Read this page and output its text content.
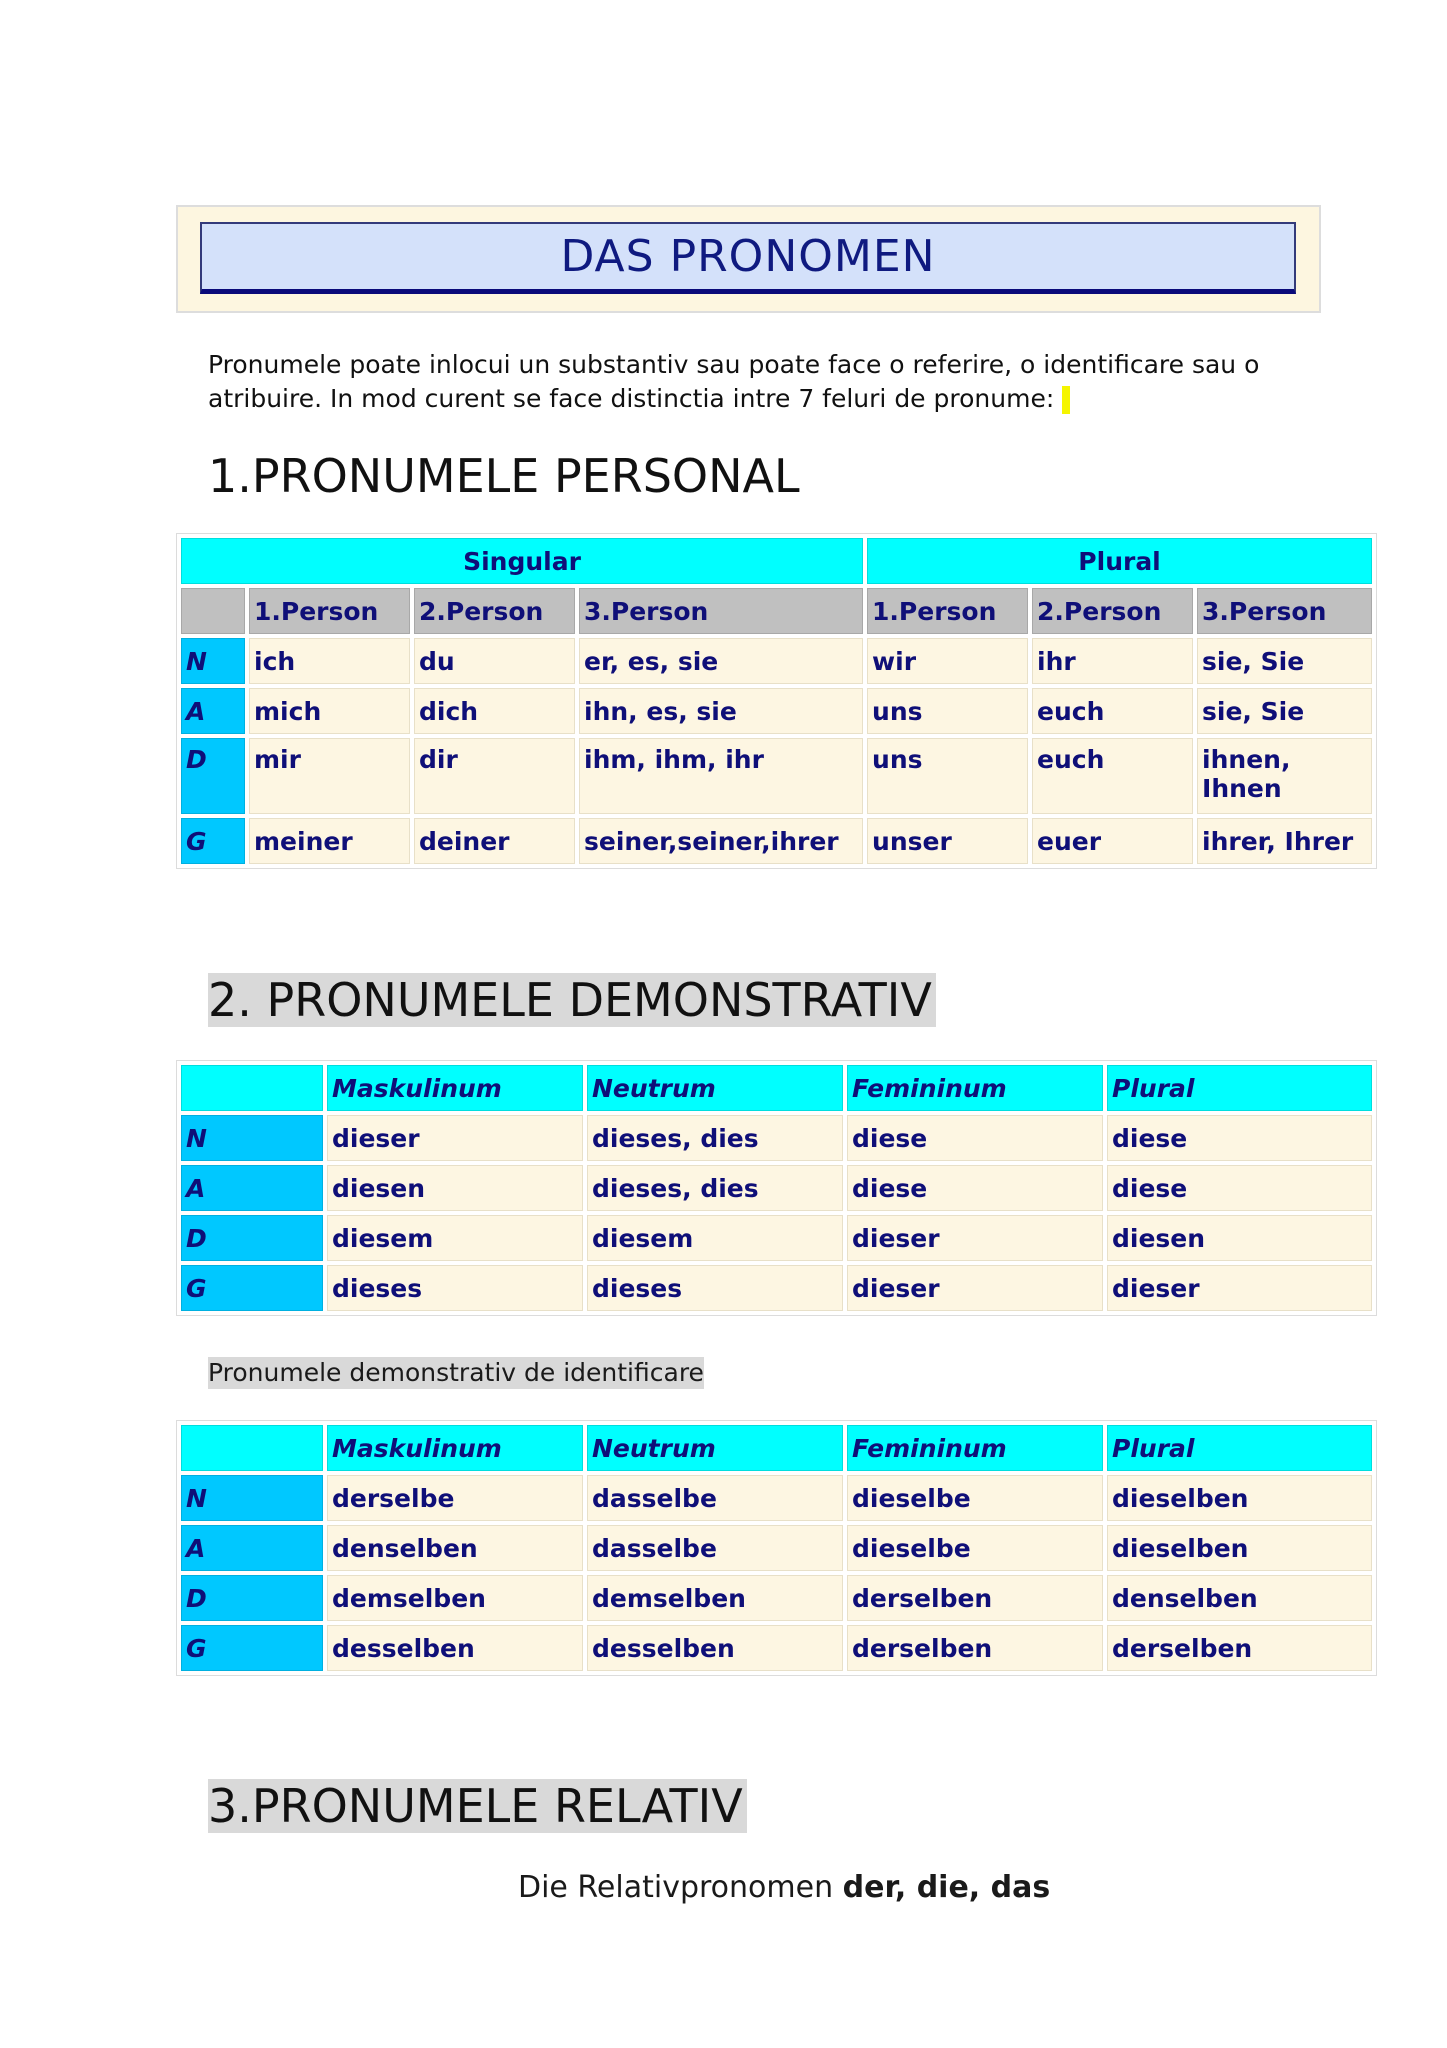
DAS PRONOMEN
Pronumele poate inlocui un substantiv sau poate face o referire, o identificare sau o atribuire. In mod curent se face distinctia intre 7 feluri de pronume:
1.PRONUMELE PERSONAL
Singular				Plural		
	1.Person	2.Person	3.Person	1.Person	2.Person	3.Person
N	ich	du	er, es, sie	wir	ihr	sie, Sie
A	mich	dich	ihn, es, sie	uns	euch	sie, Sie
D	mir	dir	ihm, ihm, ihr	uns	euch	ihnen, Ihnen
G	meiner	deiner	seiner,seiner,ihrer	unser	euer	ihrer, Ihrer
2. PRONUMELE DEMONSTRATIV
	Maskulinum	Neutrum	Femininum	Plural
N	dieser	dieses, dies	diese	diese
A	diesen	dieses, dies	diese	diese
D	diesem	diesem	dieser	diesen
G	dieses	dieses	dieser	dieser
Pronumele demonstrativ de identificare
	Maskulinum	Neutrum	Femininum	Plural
N	derselbe	dasselbe	dieselbe	dieselben
A	denselben	dasselbe	dieselbe	dieselben
D	demselben	demselben	derselben	denselben
G	desselben	desselben	derselben	derselben
3.PRONUMELE RELATIV
Die Relativpronomen der, die, das
